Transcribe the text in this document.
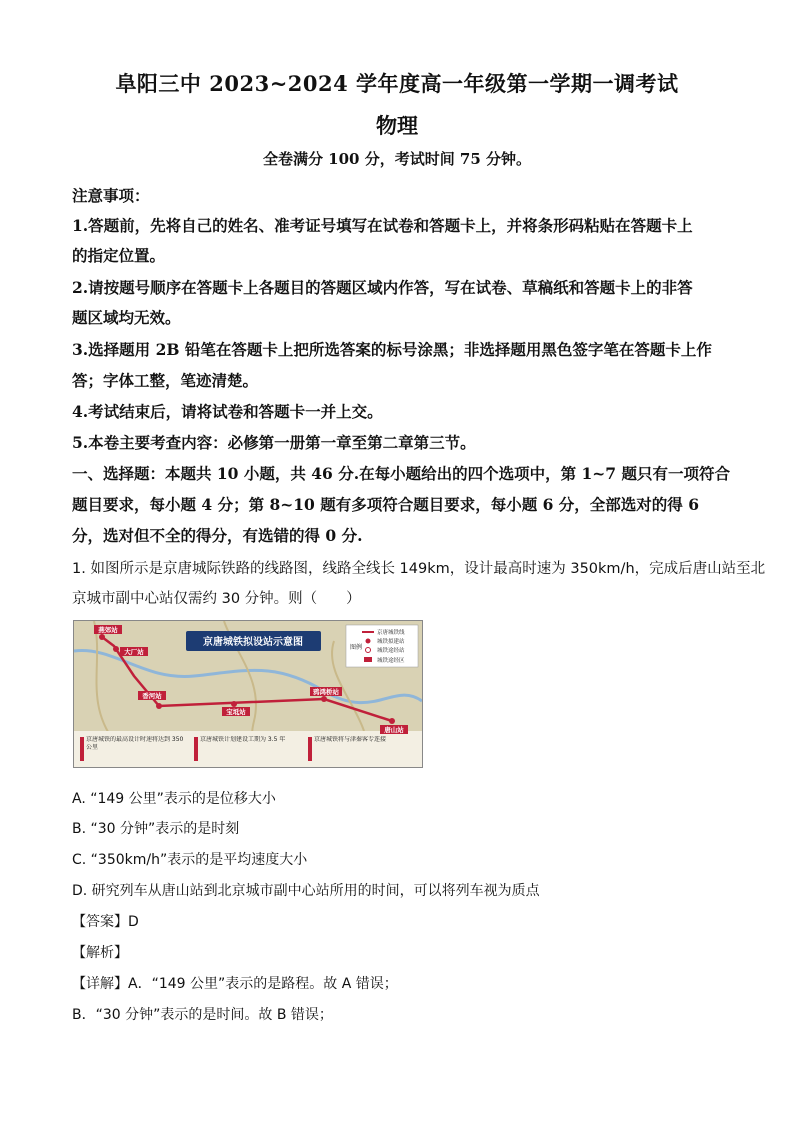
阜阳三中 2023~2024 学年度高一年级第一学期一调考试
物理
全卷满分 100 分，考试时间 75 分钟。
注意事项：
1.答题前，先将自己的姓名、准考证号填写在试卷和答题卡上，并将条形码粘贴在答题卡上
的指定位置。
2.请按题号顺序在答题卡上各题目的答题区域内作答，写在试卷、草稿纸和答题卡上的非答
题区域均无效。
3.选择题用 2B 铅笔在答题卡上把所选答案的标号涂黑；非选择题用黑色签字笔在答题卡上作
答；字体工整，笔迹清楚。
4.考试结束后，请将试卷和答题卡一并上交。
5.本卷主要考查内容：必修第一册第一章至第二章第三节。
一、选择题：本题共 10 小题，共 46 分.在每小题给出的四个选项中，第 1~7 题只有一项符合
题目要求，每小题 4 分；第 8~10 题有多项符合题目要求，每小题 6 分，全部选对的得 6
分，选对但不全的得分，有选错的得 0 分.
1. 如图所示是京唐城际铁路的线路图，线路全线长 149km，设计最高时速为 350km/h，完成后唐山站至北
京城市副中心站仅需约 30 分钟。则（　　）
京唐城铁拟设站示意图
燕郊站
大厂站
香河站
宝坻站
鸦鸿桥站
唐山站
图例
京唐城铁线
城铁拟建站
城铁途经站
城铁途经区
京唐城铁的最高设计时速将达到 350 公里
京唐城铁计划建设工期为 3.5 年	京唐城铁将与津秦客专连接
A. “149 公里”表示的是位移大小
B. “30 分钟”表示的是时刻
C. “350km/h”表示的是平均速度大小
D. 研究列车从唐山站到北京城市副中心站所用的时间，可以将列车视为质点
【答案】D
【解析】
【详解】A．“149 公里”表示的是路程。故 A 错误；
B．“30 分钟”表示的是时间。故 B 错误；
